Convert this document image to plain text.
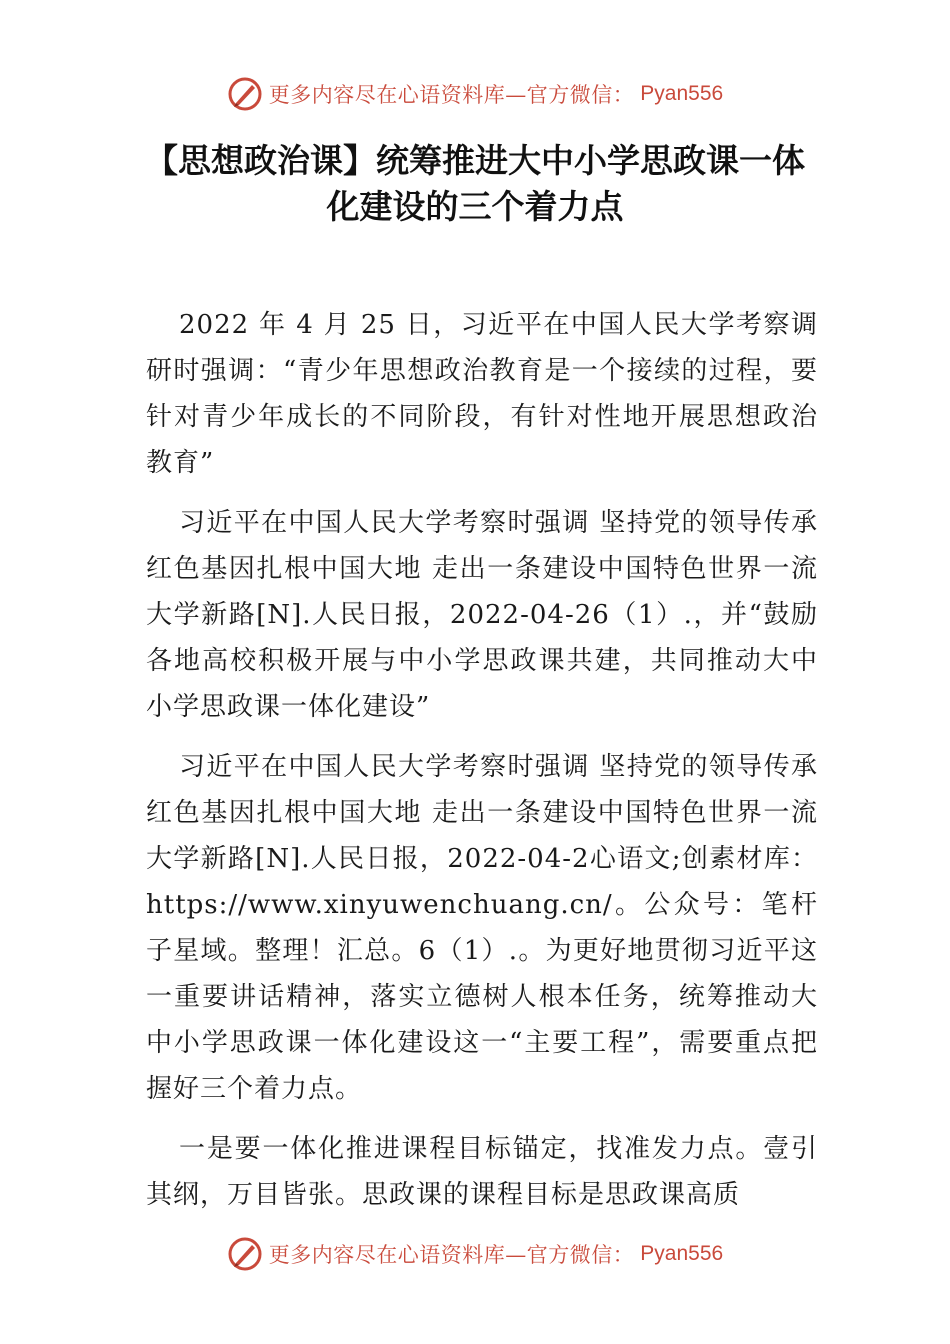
更多内容尽在心语资料库—官方微信： Pyan556
【思想政治课】统筹推进大中小学思政课一体化建设的三个着力点

2022 年 4 月 25 日，习近平在中国人民大学考察调研时强调：“青少年思想政治教育是一个接续的过程，要针对青少年成长的不同阶段，有针对性地开展思想政治教育”

习近平在中国人民大学考察时强调 坚持党的领导传承红色基因扎根中国大地 走出一条建设中国特色世界一流大学新路[N].人民日报，2022-04-26（1）.，并“鼓励各地高校积极开展与中小学思政课共建，共同推动大中小学思政课一体化建设”

习近平在中国人民大学考察时强调 坚持党的领导传承红色基因扎根中国大地 走出一条建设中国特色世界一流大学新路[N].人民日报，2022-04-2心语文;创素材库：https://www.xinyuwenchuang.cn/。公众号：笔杆子星域。整理！汇总。6（1）.。为更好地贯彻习近平这一重要讲话精神，落实立德树人根本任务，统筹推动大中小学思政课一体化建设这一“主要工程”，需要重点把握好三个着力点。

一是要一体化推进课程目标锚定，找准发力点。壹引其纲，万目皆张。思政课的课程目标是思政课高质

更多内容尽在心语资料库—官方微信： Pyan556
